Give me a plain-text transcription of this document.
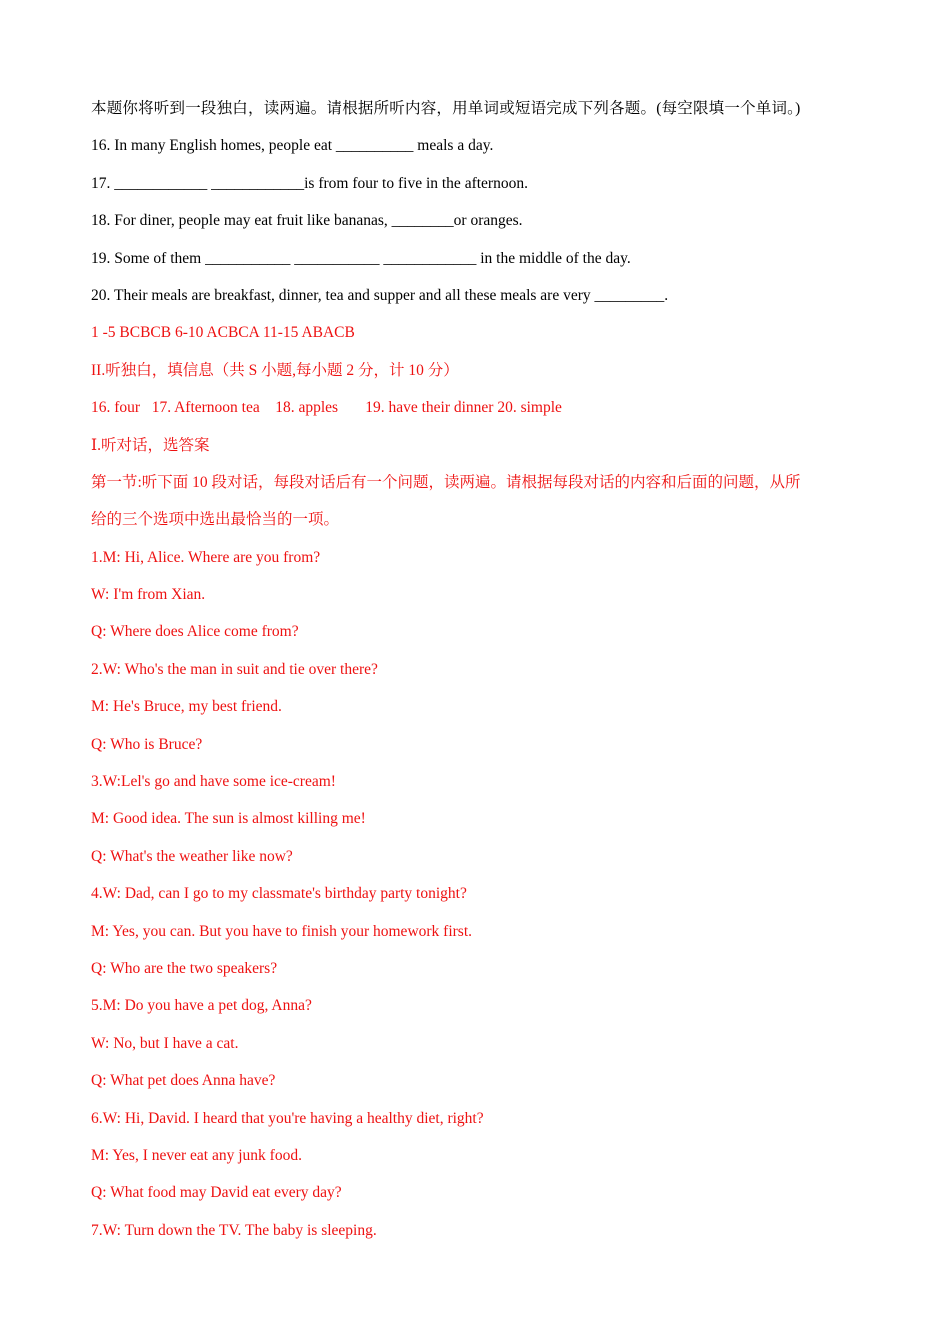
本题你将听到一段独白，读两遍。请根据所听内容，用单词或短语完成下列各题。(每空限填一个单词。)
16. In many English homes, people eat __________ meals a day.
17. ____________ ____________is from four to five in the afternoon.
18. For diner, people may eat fruit like bananas, ________or oranges.
19. Some of them ___________ ___________ ____________ in the middle of the day.
20. Their meals are breakfast, dinner, tea and supper and all these meals are very _________.
1 -5 BCBCB 6-10 ACBCA 11-15 ABACB
II.听独白，填信息（共 S 小题,每小题 2 分，计 10 分）
16. four   17. Afternoon tea    18. apples       19. have their dinner 20. simple
Ⅰ.听对话，选答案
第一节:听下面 10 段对话，每段对话后有一个问题，读两遍。请根据每段对话的内容和后面的问题，从所
给的三个选项中选出最恰当的一项。
1.M: Hi, Alice. Where are you from?
W: I'm from Xian.
Q: Where does Alice come from?
2.W: Who's the man in suit and tie over there?
M: He's Bruce, my best friend.
Q: Who is Bruce?
3.W:Lel's go and have some ice-cream!
M: Good idea. The sun is almost killing me!
Q: What's the weather like now?
4.W: Dad, can I go to my classmate's birthday party tonight?
M: Yes, you can. But you have to finish your homework first.
Q: Who are the two speakers?
5.M: Do you have a pet dog, Anna?
W: No, but I have a cat.
Q: What pet does Anna have?
6.W: Hi, David. I heard that you're having a healthy diet, right?
M: Yes, I never eat any junk food.
Q: What food may David eat every day?
7.W: Turn down the TV. The baby is sleeping.
